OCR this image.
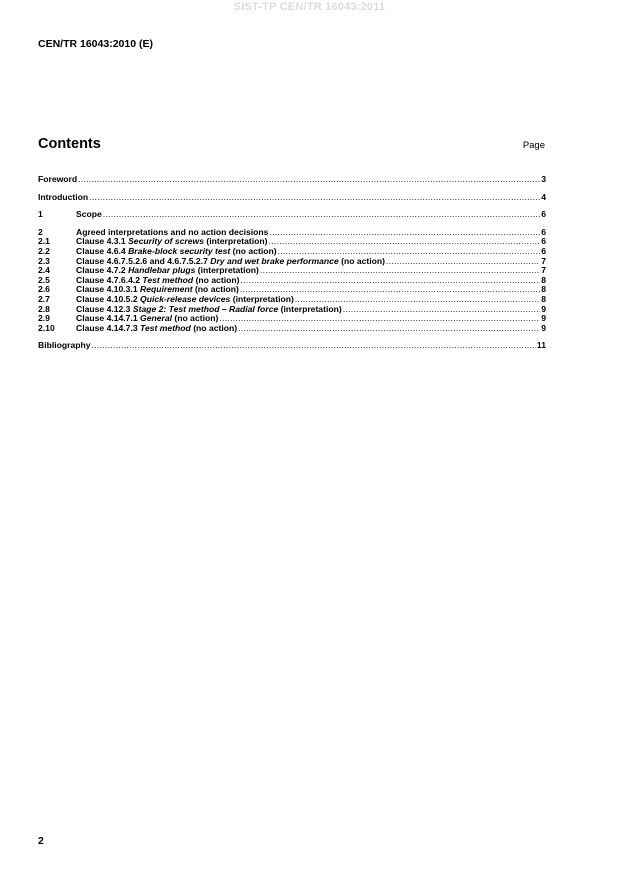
SIST-TP CEN/TR 16043:2011
CEN/TR 16043:2010 (E)
Contents	Page
Foreword .....	3
Introduction .....	4
1	Scope .....	6
2	Agreed interpretations and no action decisions .....	6
2.1	Clause 4.3.1 Security of screws (interpretation) .....	6
2.2	Clause 4.6.4 Brake-block security test (no action) .....	6
2.3	Clause 4.6.7.5.2.6 and 4.6.7.5.2.7 Dry and wet brake performance (no action) .....	7
2.4	Clause 4.7.2 Handlebar plugs (interpretation) .....	7
2.5	Clause 4.7.6.4.2 Test method (no action) .....	8
2.6	Clause 4.10.3.1 Requirement (no action) .....	8
2.7	Clause 4.10.5.2 Quick-release devices (interpretation) .....	8
2.8	Clause 4.12.3 Stage 2: Test method – Radial force (interpretation) .....	9
2.9	Clause 4.14.7.1 General (no action) .....	9
2.10	Clause 4.14.7.3 Test method (no action) .....	9
Bibliography .....	11
2
